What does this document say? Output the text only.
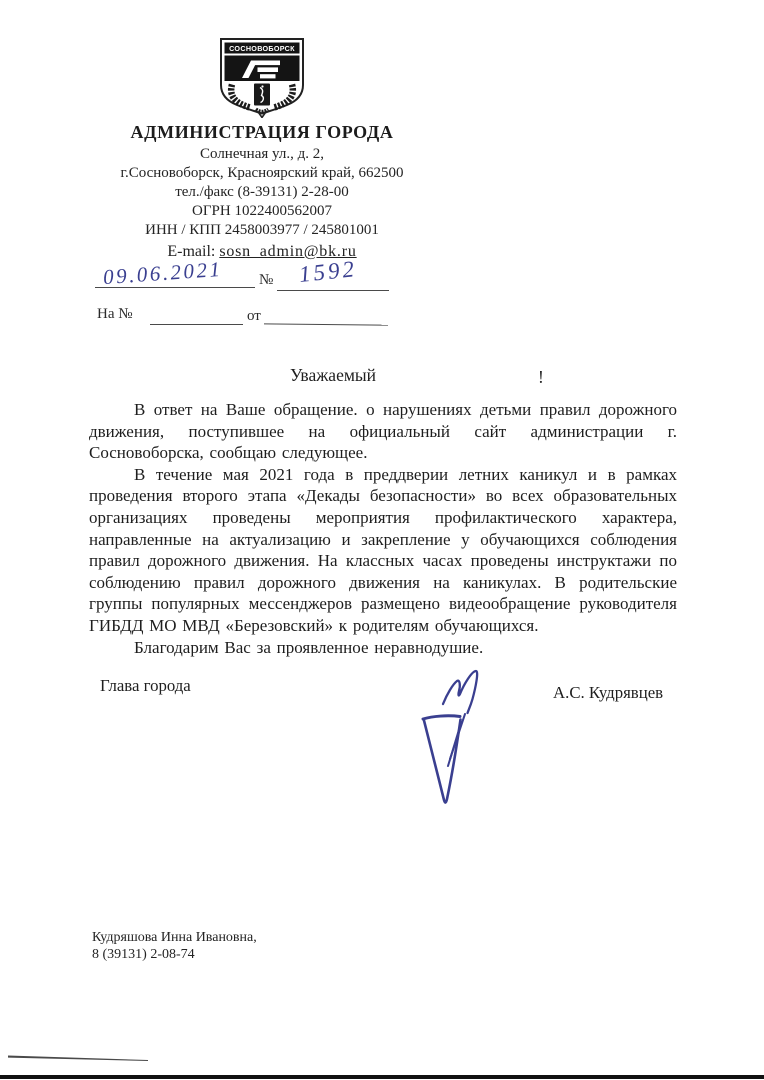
СОСНОВОБОРСК
АДМИНИСТРАЦИЯ ГОРОДА
Солнечная ул., д. 2,
г.Сосновоборск, Красноярский край, 662500
тел./факс (8-39131) 2-28-00
ОГРН 1022400562007
ИНН / КПП 2458003977 / 245801001
E-mail: sosn_admin@bk.ru
09.06.2021 № 1592
На №	от
Уважаемый	!

В ответ на Ваше обращение. о нарушениях детьми правил дорожного движения, поступившее на официальный сайт администрации г. Сосновоборска, сообщаю следующее.

В течение мая 2021 года в преддверии летних каникул и в рамках проведения второго этапа «Декады безопасности» во всех образовательных организациях проведены мероприятия профилактического характера, направленные на актуализацию и закрепление у обучающихся соблюдения правил дорожного движения. На классных часах проведены инструктажи по соблюдению правил дорожного движения на каникулах. В родительские группы популярных мессенджеров размещено видеообращение руководителя ГИБДД МО МВД «Березовский» к родителям обучающихся.

Благодарим Вас за проявленное неравнодушие.

Глава города	А.С. Кудрявцев
Кудряшова Инна Ивановна,
8 (39131) 2-08-74
